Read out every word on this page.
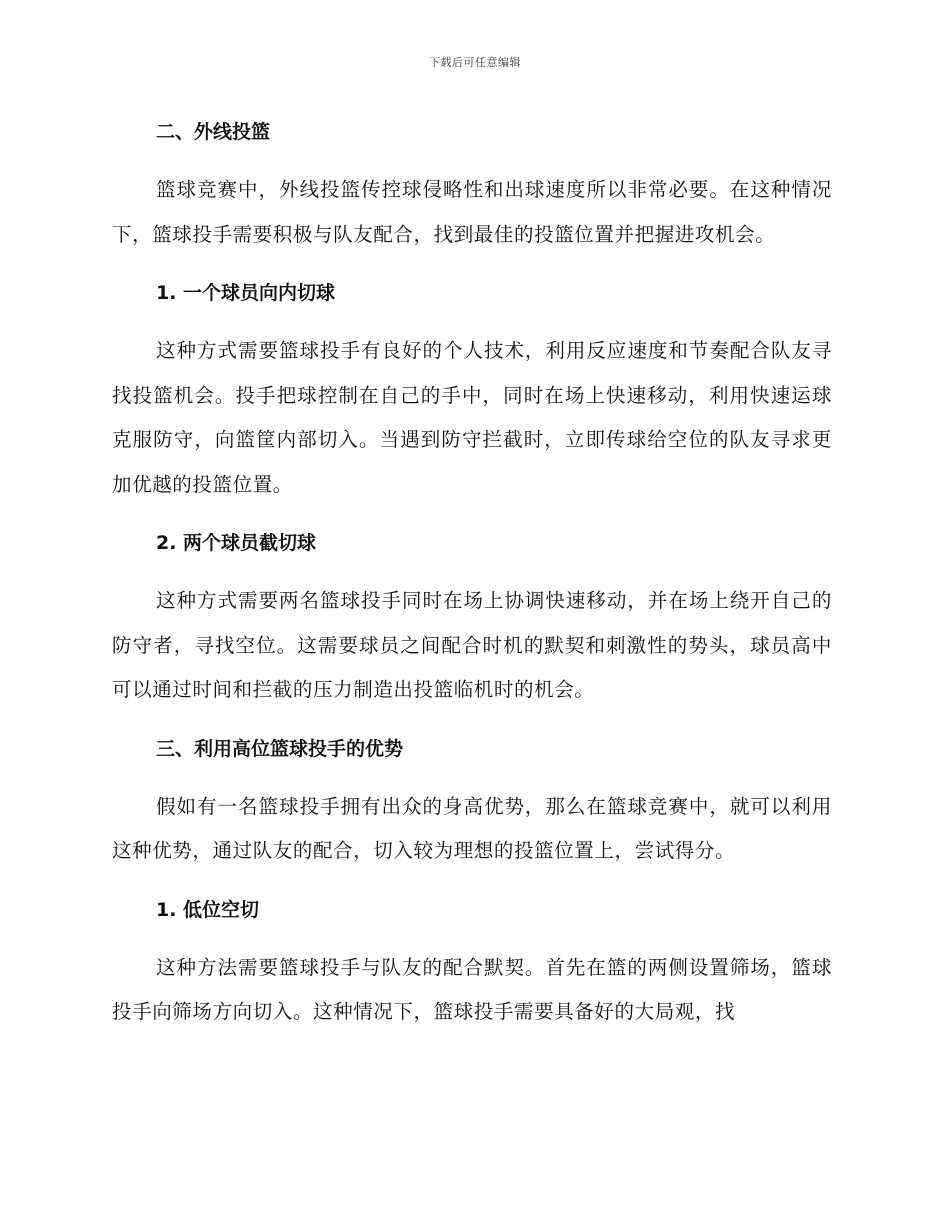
下载后可任意编辑
二、外线投篮

篮球竞赛中，外线投篮传控球侵略性和出球速度所以非常必要。在这种情况下，篮球投手需要积极与队友配合，找到最佳的投篮位置并把握进攻机会。

1. 一个球员向内切球

这种方式需要篮球投手有良好的个人技术，利用反应速度和节奏配合队友寻找投篮机会。投手把球控制在自己的手中，同时在场上快速移动，利用快速运球克服防守，向篮筐内部切入。当遇到防守拦截时，立即传球给空位的队友寻求更加优越的投篮位置。

2. 两个球员截切球

这种方式需要两名篮球投手同时在场上协调快速移动，并在场上绕开自己的防守者，寻找空位。这需要球员之间配合时机的默契和刺激性的势头，球员高中可以通过时间和拦截的压力制造出投篮临机时的机会。

三、利用高位篮球投手的优势

假如有一名篮球投手拥有出众的身高优势，那么在篮球竞赛中，就可以利用这种优势，通过队友的配合，切入较为理想的投篮位置上，尝试得分。

1. 低位空切

这种方法需要篮球投手与队友的配合默契。首先在篮的两侧设置筛场，篮球投手向筛场方向切入。这种情况下，篮球投手需要具备好的大局观，找
